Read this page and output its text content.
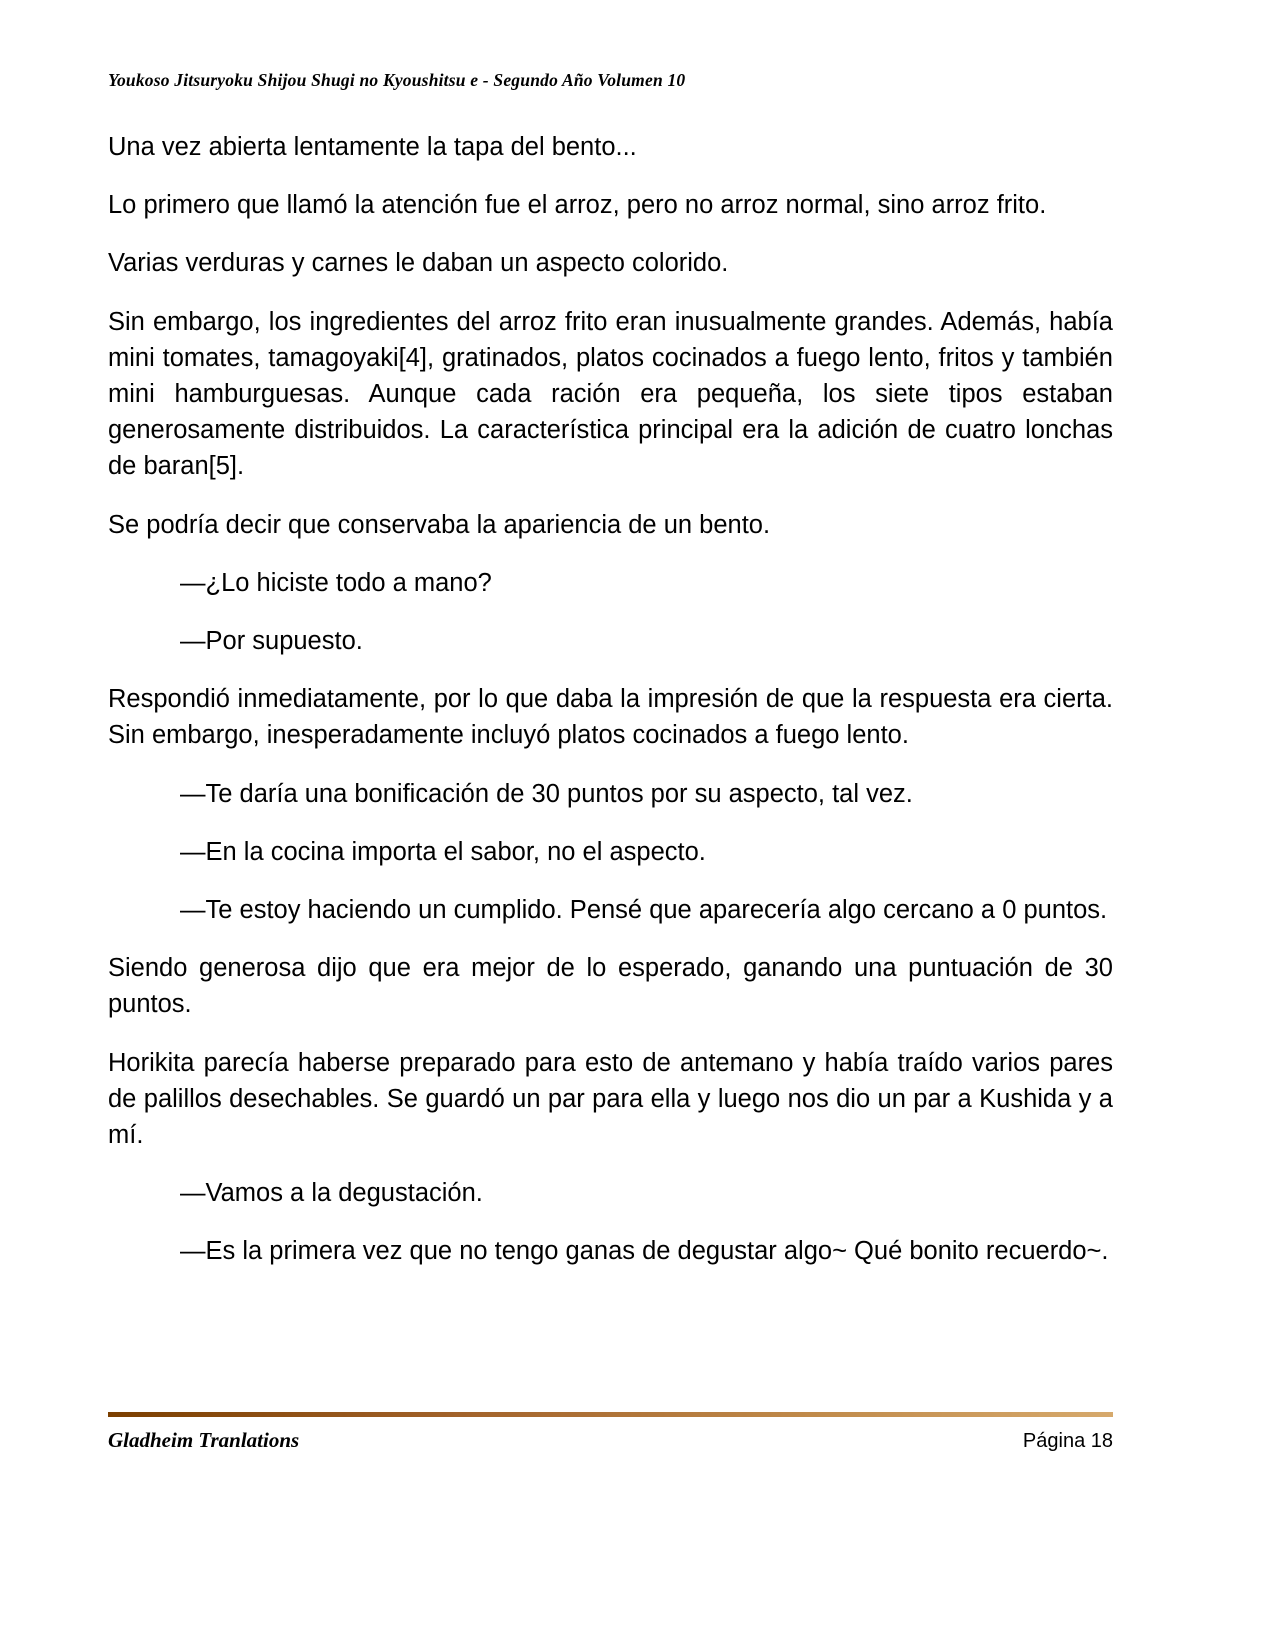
Youkoso Jitsuryoku Shijou Shugi no Kyoushitsu e - Segundo Año Volumen 10

Una vez abierta lentamente la tapa del bento...

Lo primero que llamó la atención fue el arroz, pero no arroz normal, sino arroz frito.

Varias verduras y carnes le daban un aspecto colorido.

Sin embargo, los ingredientes del arroz frito eran inusualmente grandes. Además, había mini tomates, tamagoyaki[4], gratinados, platos cocinados a fuego lento, fritos y también mini hamburguesas. Aunque cada ración era pequeña, los siete tipos estaban generosamente distribuidos. La característica principal era la adición de cuatro lonchas de baran[5].

Se podría decir que conservaba la apariencia de un bento.

—¿Lo hiciste todo a mano?

—Por supuesto.

Respondió inmediatamente, por lo que daba la impresión de que la respuesta era cierta. Sin embargo, inesperadamente incluyó platos cocinados a fuego lento.

—Te daría una bonificación de 30 puntos por su aspecto, tal vez.

—En la cocina importa el sabor, no el aspecto.

—Te estoy haciendo un cumplido. Pensé que aparecería algo cercano a 0 puntos.

Siendo generosa dijo que era mejor de lo esperado, ganando una puntuación de 30 puntos.

Horikita parecía haberse preparado para esto de antemano y había traído varios pares de palillos desechables. Se guardó un par para ella y luego nos dio un par a Kushida y a mí.

—Vamos a la degustación.

—Es la primera vez que no tengo ganas de degustar algo~ Qué bonito recuerdo~.

Gladheim Tranlations	Página 18
